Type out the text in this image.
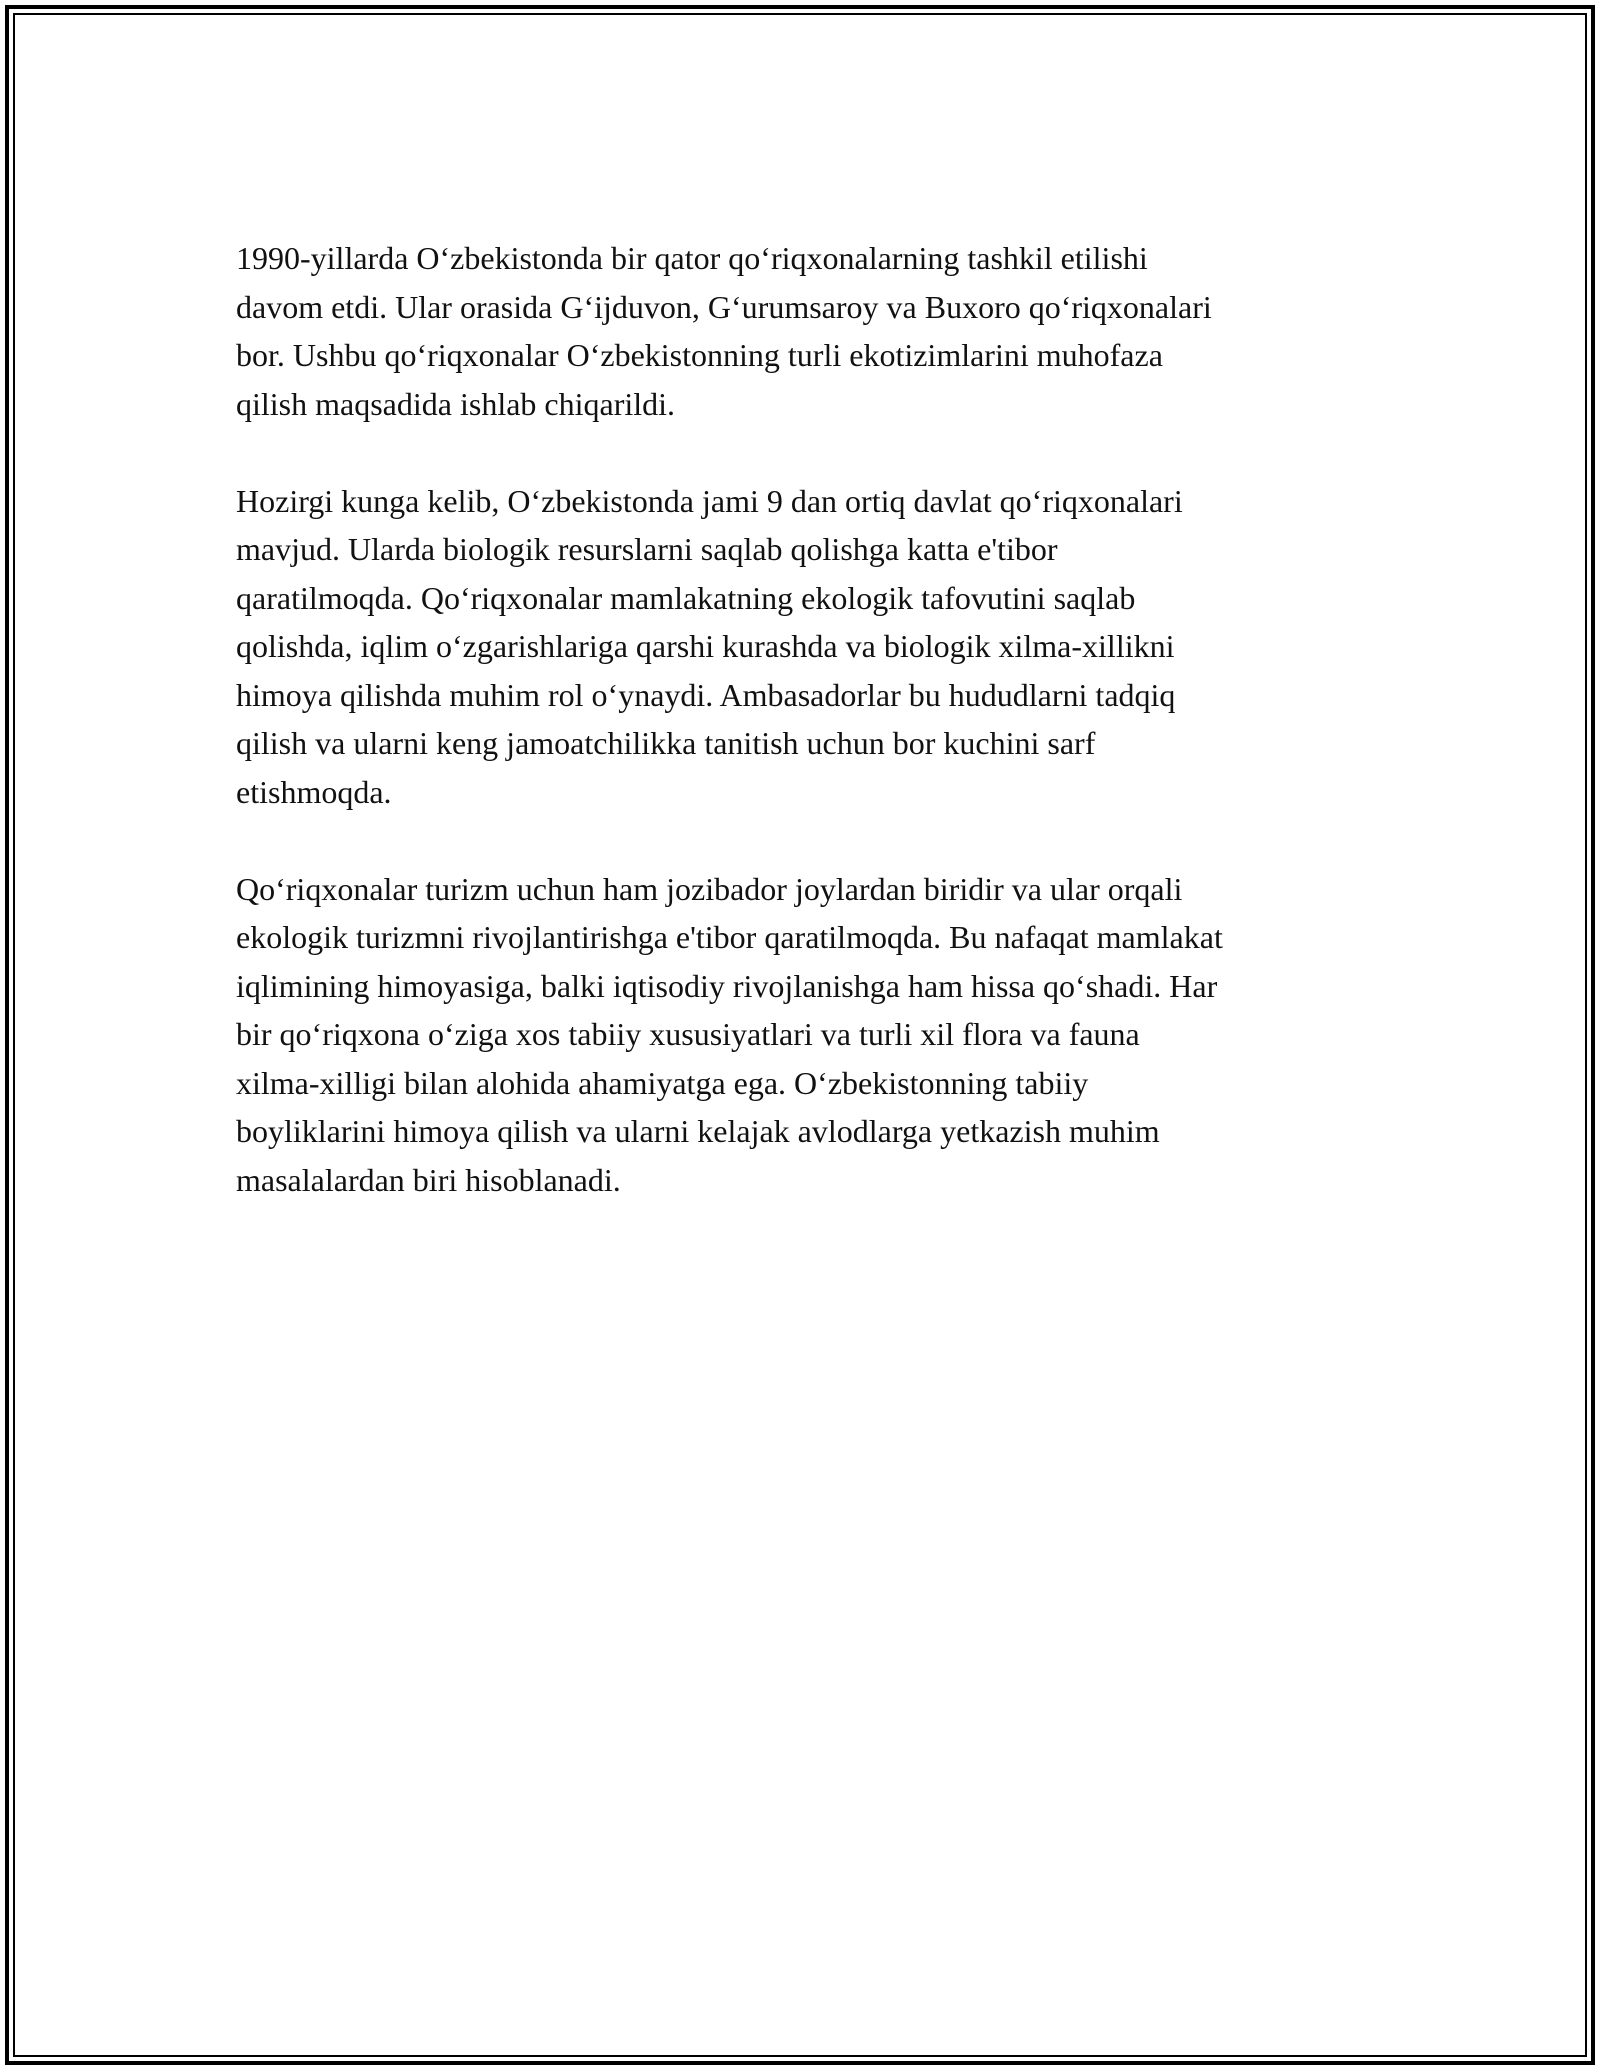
1990-yillarda O‘zbekistonda bir qator qo‘riqxonalarning tashkil etilishi
davom etdi. Ular orasida G‘ijduvon, G‘urumsaroy va Buxoro qo‘riqxonalari
bor. Ushbu qo‘riqxonalar O‘zbekistonning turli ekotizimlarini muhofaza
qilish maqsadida ishlab chiqarildi.

Hozirgi kunga kelib, O‘zbekistonda jami 9 dan ortiq davlat qo‘riqxonalari
mavjud. Ularda biologik resurslarni saqlab qolishga katta e'tibor
qaratilmoqda. Qo‘riqxonalar mamlakatning ekologik tafovutini saqlab
qolishda, iqlim o‘zgarishlariga qarshi kurashda va biologik xilma-xillikni
himoya qilishda muhim rol o‘ynaydi. Ambasadorlar bu hududlarni tadqiq
qilish va ularni keng jamoatchilikka tanitish uchun bor kuchini sarf
etishmoqda.

Qo‘riqxonalar turizm uchun ham jozibador joylardan biridir va ular orqali
ekologik turizmni rivojlantirishga e'tibor qaratilmoqda. Bu nafaqat mamlakat
iqlimining himoyasiga, balki iqtisodiy rivojlanishga ham hissa qo‘shadi. Har
bir qo‘riqxona o‘ziga xos tabiiy xususiyatlari va turli xil flora va fauna
xilma-xilligi bilan alohida ahamiyatga ega. O‘zbekistonning tabiiy
boyliklarini himoya qilish va ularni kelajak avlodlarga yetkazish muhim
masalalardan biri hisoblanadi.
